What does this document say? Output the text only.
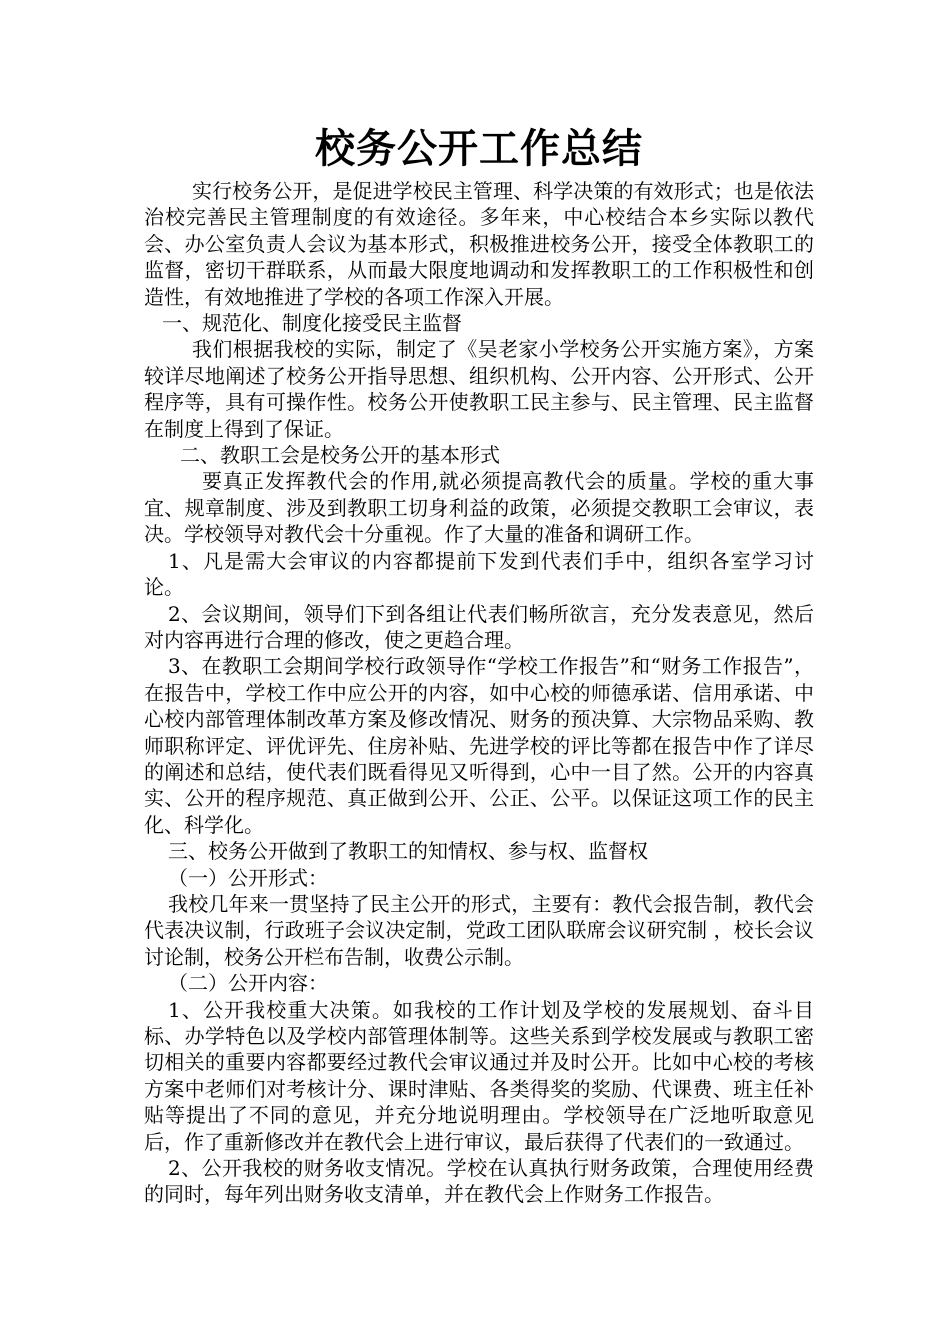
校务公开工作总结

实行校务公开，是促进学校民主管理、科学决策的有效形式；也是依法治校完善民主管理制度的有效途径。多年来，中心校结合本乡实际以教代会、办公室负责人会议为基本形式，积极推进校务公开，接受全体教职工的监督，密切干群联系，从而最大限度地调动和发挥教职工的工作积极性和创造性，有效地推进了学校的各项工作深入开展。

一、规范化、制度化接受民主监督

我们根据我校的实际，制定了《吴老家小学校务公开实施方案》，方案较详尽地阐述了校务公开指导思想、组织机构、公开内容、公开形式、公开程序等，具有可操作性。校务公开使教职工民主参与、民主管理、民主监督在制度上得到了保证。

二、教职工会是校务公开的基本形式

要真正发挥教代会的作用,就必须提高教代会的质量。学校的重大事宜、规章制度、涉及到教职工切身利益的政策，必须提交教职工会审议，表决。学校领导对教代会十分重视。作了大量的准备和调研工作。

1、凡是需大会审议的内容都提前下发到代表们手中，组织各室学习讨论。

2、会议期间，领导们下到各组让代表们畅所欲言，充分发表意见，然后对内容再进行合理的修改，使之更趋合理。

3、在教职工会期间学校行政领导作“学校工作报告”和“财务工作报告”，在报告中，学校工作中应公开的内容，如中心校的师德承诺、信用承诺、中心校内部管理体制改革方案及修改情况、财务的预决算、大宗物品采购、教师职称评定、评优评先、住房补贴、先进学校的评比等都在报告中作了详尽的阐述和总结，使代表们既看得见又听得到，心中一目了然。公开的内容真实、公开的程序规范、真正做到公开、公正、公平。以保证这项工作的民主化、科学化。

三、校务公开做到了教职工的知情权、参与权、监督权

（一）公开形式：

我校几年来一贯坚持了民主公开的形式，主要有：教代会报告制，教代会代表决议制，行政班子会议决定制，党政工团队联席会议研究制 ，校长会议讨论制，校务公开栏布告制，收费公示制。

（二）公开内容：

1、公开我校重大决策。如我校的工作计划及学校的发展规划、奋斗目标、办学特色以及学校内部管理体制等。这些关系到学校发展或与教职工密切相关的重要内容都要经过教代会审议通过并及时公开。比如中心校的考核方案中老师们对考核计分、课时津贴、各类得奖的奖励、代课费、班主任补贴等提出了不同的意见，并充分地说明理由。学校领导在广泛地听取意见后，作了重新修改并在教代会上进行审议，最后获得了代表们的一致通过。

2、公开我校的财务收支情况。学校在认真执行财务政策，合理使用经费的同时，每年列出财务收支清单，并在教代会上作财务工作报告。
